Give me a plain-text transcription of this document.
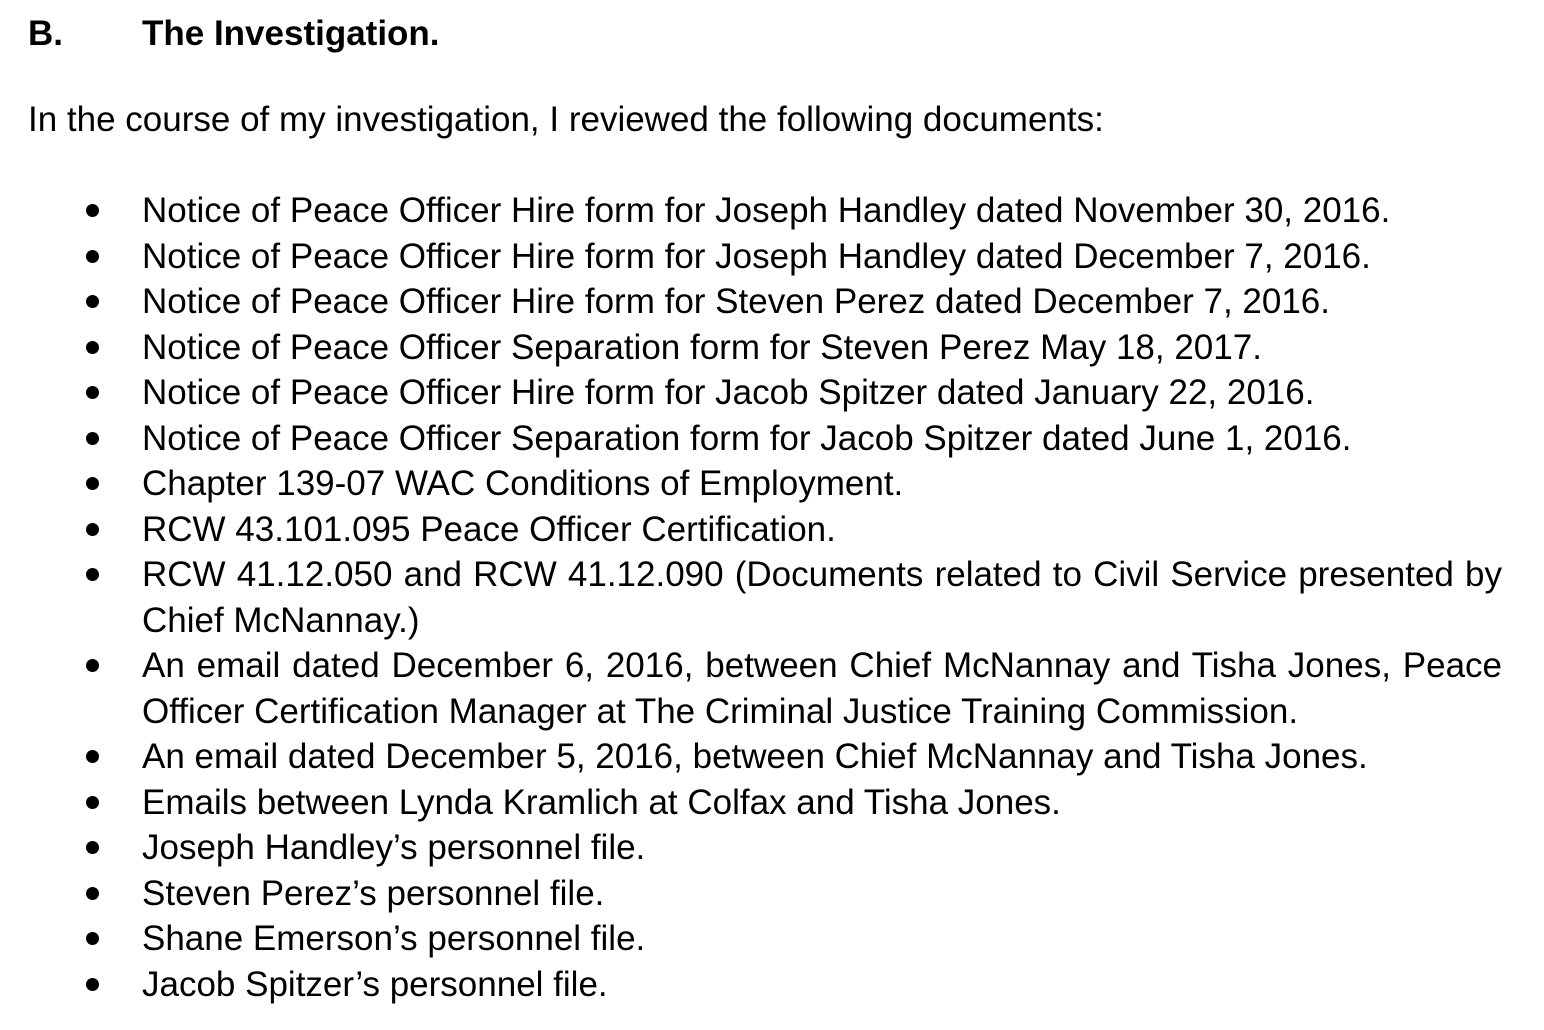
B. The Investigation.
In the course of my investigation, I reviewed the following documents:
Notice of Peace Officer Hire form for Joseph Handley dated November 30, 2016.
Notice of Peace Officer Hire form for Joseph Handley dated December 7, 2016.
Notice of Peace Officer Hire form for Steven Perez dated December 7, 2016.
Notice of Peace Officer Separation form for Steven Perez May 18, 2017.
Notice of Peace Officer Hire form for Jacob Spitzer dated January 22, 2016.
Notice of Peace Officer Separation form for Jacob Spitzer dated June 1, 2016.
Chapter 139-07 WAC Conditions of Employment.
RCW 43.101.095 Peace Officer Certification.
RCW 41.12.050 and RCW 41.12.090 (Documents related to Civil Service presented by Chief McNannay.)
An email dated December 6, 2016, between Chief McNannay and Tisha Jones, Peace Officer Certification Manager at The Criminal Justice Training Commission.
An email dated December 5, 2016, between Chief McNannay and Tisha Jones.
Emails between Lynda Kramlich at Colfax and Tisha Jones.
Joseph Handley’s personnel file.
Steven Perez’s personnel file.
Shane Emerson’s personnel file.
Jacob Spitzer’s personnel file.
